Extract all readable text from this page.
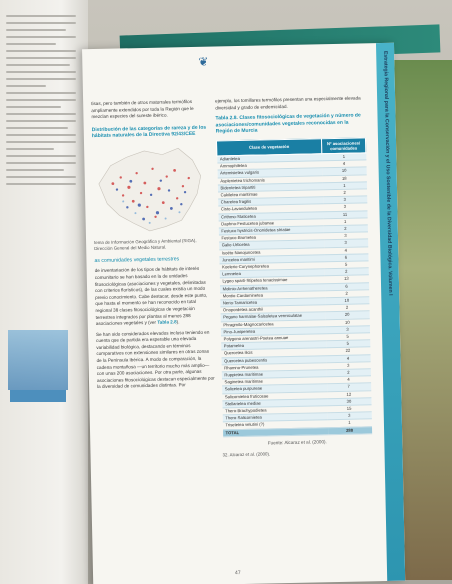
❦

tisas, pero también de otros matorrales termófilos ampliamente extendidos por toda la Región que le mezclan especies del sureste ibérico.

Distribución de las categorías de rareza y de los hábitats naturales de la Directiva 92/43/CEE

tema de Información Geográfica y Ambiental (SIGA), Dirección General del Medio Natural.

as comunidades vegetales terrestres

de inventariación de los tipos de hábitats de interés comunitario se han basado en la de unidades fitosociológicas (asociaciones y vegetales, delimitadas con criterios florísticos), de las cuales existía un modo previo conocimiento. Cabe destacar, desde este punto, que hasta el momento se han reconocido en total regional 38 clases fitosociológicas de vegetación terrestres integrados por plantas al menos 288 asociaciones vegetales y (ver Tabla 2.8).

Se han sido considerados elevados incluso teniendo en cuenta que de partida era esperable una elevada variabilidad biológica, destacando en términos comparativos con extensiones similares en otras zonas de la Península Ibérica. A modo de comparación, la cadena montañosa —un territorio mucho más amplio— con unas 200 asociaciones. Por otra parte, algunas asociaciones fitosociológicas destacan especialmente por la diversidad de comunidades distintas. Por

ejemplo, los tomillares termófilos presentan una especialmente elevada diversidad y grado de endemicidad.

Tabla 2.8. Clases fitosociológicas de vegetación y número de asociaciones/comunidades vegetales reconocidas en la Región de Murcia

Clase de vegetación	Nº asociaciones/ comunidades
Adiantetea	1
Ammophiletea	4
Artemisietea vulgaris	10
Asplenietea trichomanis	18
Bidentetea tripartiti	1
Cakiletea maritimae	2
Charetea fragilis	3
Cisto-Lavanduletea	3
Crithmo-Staticetea	11
Daphno-Festucetea jubanae	1
Festuco hystricis-Ononidetea striatae	2
Festuco-Brometea	3
Galio-Urticetea	3
Isoëto-Nanojuncetea	4
Juncetea maritimi	6
Koelerio-Corynephoretea	5
Lemnetea	2
Lygeo sparti-Stipetea tenacissimae	13
Molinio-Arrhenatheretea	6
Montio-Cardaminetea	2
Nerio-Tamaricetea	10
Onopordetea acanthii	2
Pegano harmalae-Salsoletea vermiculatae	20
Phragmito-Magnocaricetea	10
Pino-Juniperetea	3
Polygono arenastri-Poetea annuae	5
Potametea	5
Quercetea ilicis	22
Quercetea pubescentis	4
Rhamno-Prunetea	3
Ruppietea maritimae	2
Saginetea maritimae	4
Salicetea purpureae	7
Salicornietea fruticosae	12
Stellarietea mediae	30
Thero-Brachypodietea	15
Thero-Salicornietea	3
Trisetetea velutini (?)	1
TOTAL	288
Fuente: Alcaraz et al. (2000).
32. Alcaraz et al. (2000).
47
Estrategia Regional para la Conservación y el Uso Sostenible de la Diversidad Biológica. Volumen I
